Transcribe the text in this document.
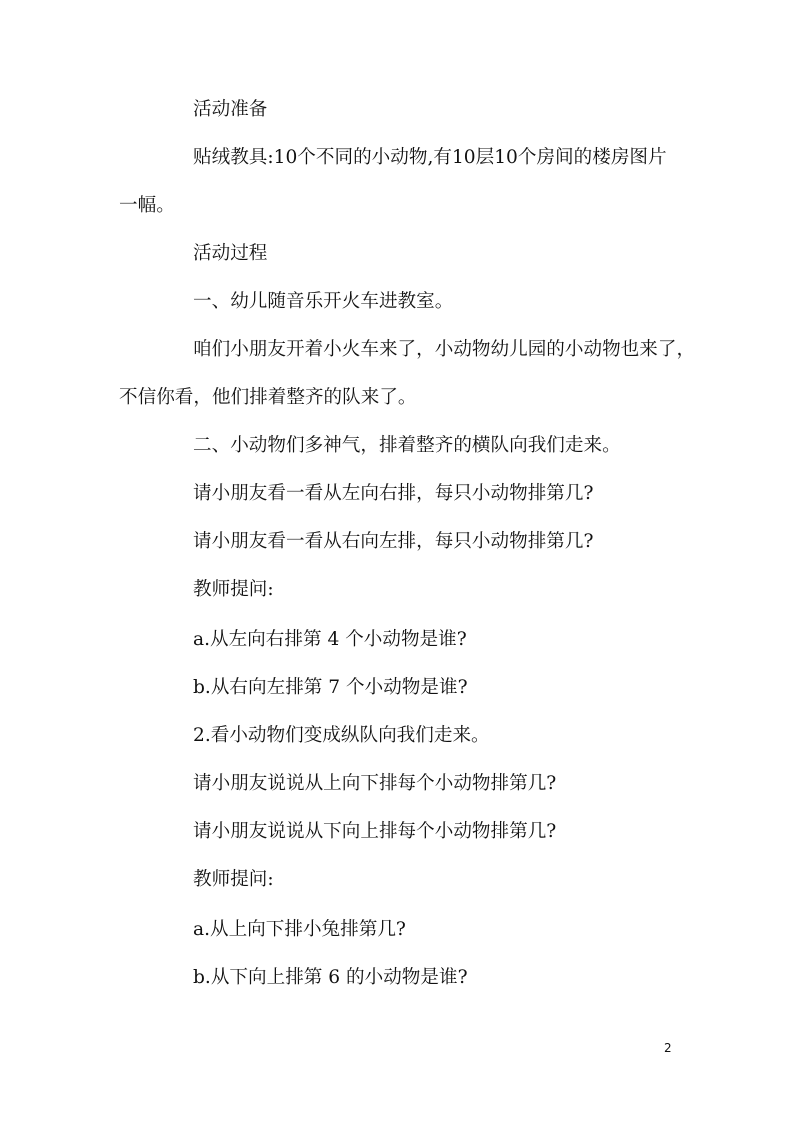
活动准备

贴绒教具:10个不同的小动物,有10层10个房间的楼房图片
一幅。

活动过程

一、幼儿随音乐开火车进教室。

咱们小朋友开着小火车来了，小动物幼儿园的小动物也来了，
不信你看，他们排着整齐的队来了。

二、小动物们多神气，排着整齐的横队向我们走来。

请小朋友看一看从左向右排，每只小动物排第几?

请小朋友看一看从右向左排，每只小动物排第几?

教师提问:

a.从左向右排第 4 个小动物是谁?

b.从右向左排第 7 个小动物是谁?

2.看小动物们变成纵队向我们走来。

请小朋友说说从上向下排每个小动物排第几?

请小朋友说说从下向上排每个小动物排第几?

教师提问:

a.从上向下排小兔排第几?

b.从下向上排第 6 的小动物是谁?

2
